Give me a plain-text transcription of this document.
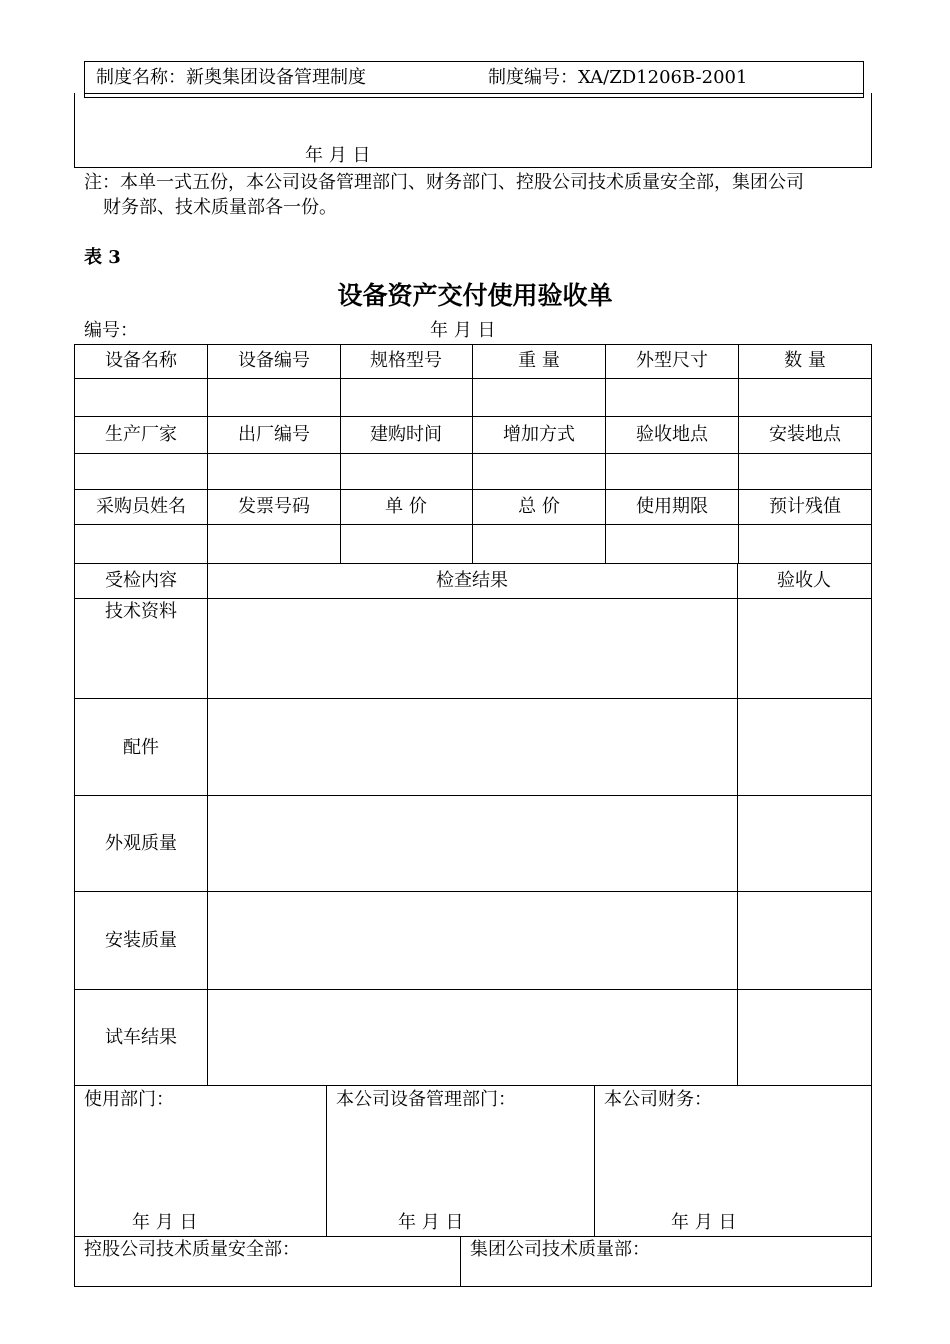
制度名称：新奥集团设备管理制度	制度编号：XA/ZD1206B-2001
年 月 日
注：本单一式五份，本公司设备管理部门、财务部门、控股公司技术质量安全部，集团公司
财务部、技术质量部各一份。
表 3
设备资产交付使用验收单
编号：	年 月 日
设备名称	设备编号	规格型号	重 量	外型尺寸	数 量
生产厂家	出厂编号	建购时间	增加方式	验收地点	安装地点
采购员姓名	发票号码	单 价	总 价	使用期限	预计残值
受检内容	检查结果	验收人
技术资料
配件
外观质量
安装质量
试车结果
使用部门：	本公司设备管理部门：	本公司财务：
年 月 日	年 月 日	年 月 日
控股公司技术质量安全部：	集团公司技术质量部：
